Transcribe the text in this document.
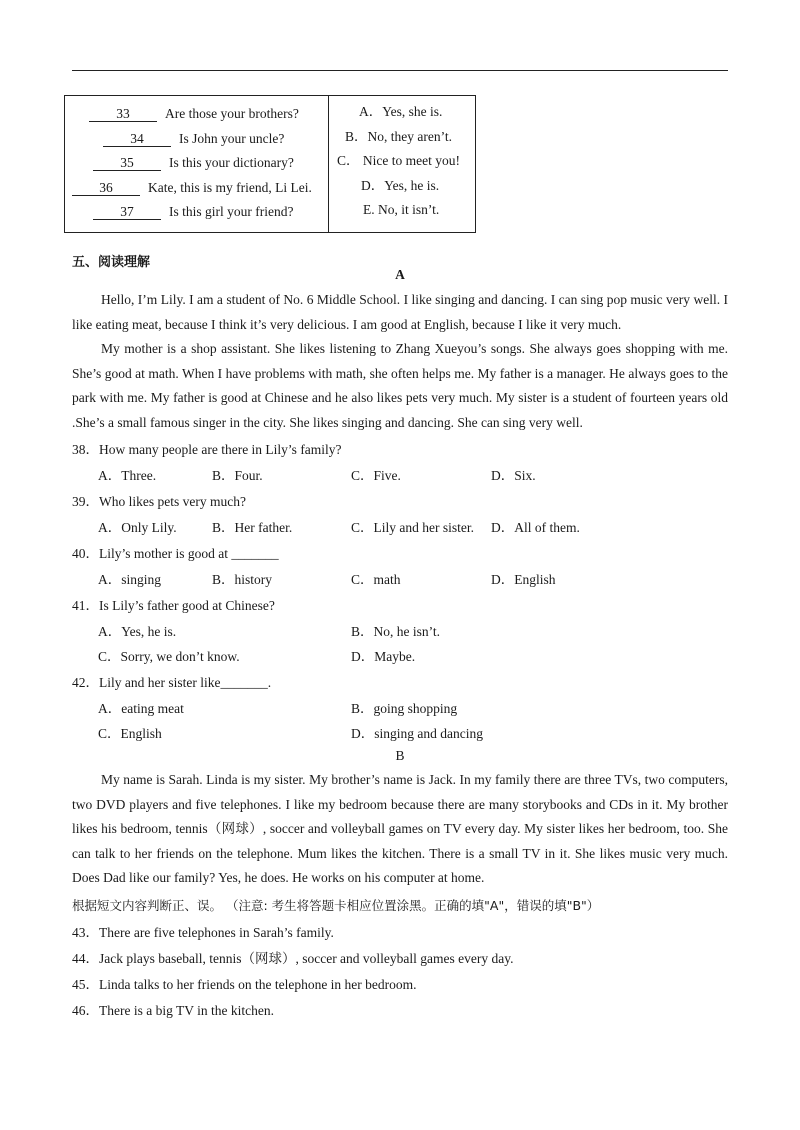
33	Are those your brothers?
34	Is John your uncle?
35	Is this your dictionary?
36	Kate, this is my friend, Li Lei.
37	Is this girl your friend?
A．Yes, she is.
B．No, they aren’t.
C． Nice to meet you!
D．Yes, he is.
E. No, it isn’t.
五、阅读理解
A

Hello, I’m Lily. I am a student of No. 6 Middle School. I like singing and dancing. I can sing pop music very well. I like eating meat, because I think it’s very delicious. I am good at English, because I like it very much.

My mother is a shop assistant. She likes listening to Zhang Xueyou’s songs. She always goes shopping with me. She’s good at math. When I have problems with math, she often helps me. My father is a manager. He always goes to the park with me. My father is good at Chinese and he also likes pets very much. My sister is a student of fourteen years old .She’s a small famous singer in the city. She likes singing and dancing. She can sing very well.

38．How many people are there in Lily’s family?
A．Three.	B．Four.	C．Five.	D．Six.
39．Who likes pets very much?
A．Only Lily.	B．Her father.	C．Lily and her sister. D．All of them.
40．Lily’s mother is good at _______
A．singing	B．history	C．math	D．English
41．Is Lily’s father good at Chinese?
A．Yes, he is.	B．No, he isn’t.
C．Sorry, we don’t know.	D．Maybe.
42．Lily and her sister like_______.
A．eating meat	B．going shopping
C．English	D．singing and dancing
B

My name is Sarah. Linda is my sister. My brother’s name is Jack. In my family there are three TVs, two computers, two DVD players and five telephones. I like my bedroom because there are many storybooks and CDs in it. My brother likes his bedroom, tennis（网球）, soccer and volleyball games on TV every day. My sister likes her bedroom, too. She can talk to her friends on the telephone. Mum likes the kitchen. There is a small TV in it. She likes music very much. Does Dad like our family? Yes, he does. He works on his computer at home.

根据短文内容判断正、误。 （注意: 考生将答题卡相应位置涂黑。正确的填"A"，错误的填"B"）
43．There are five telephones in Sarah’s family.
44．Jack plays baseball, tennis（网球）, soccer and volleyball games every day.
45．Linda talks to her friends on the telephone in her bedroom.
46．There is a big TV in the kitchen.
